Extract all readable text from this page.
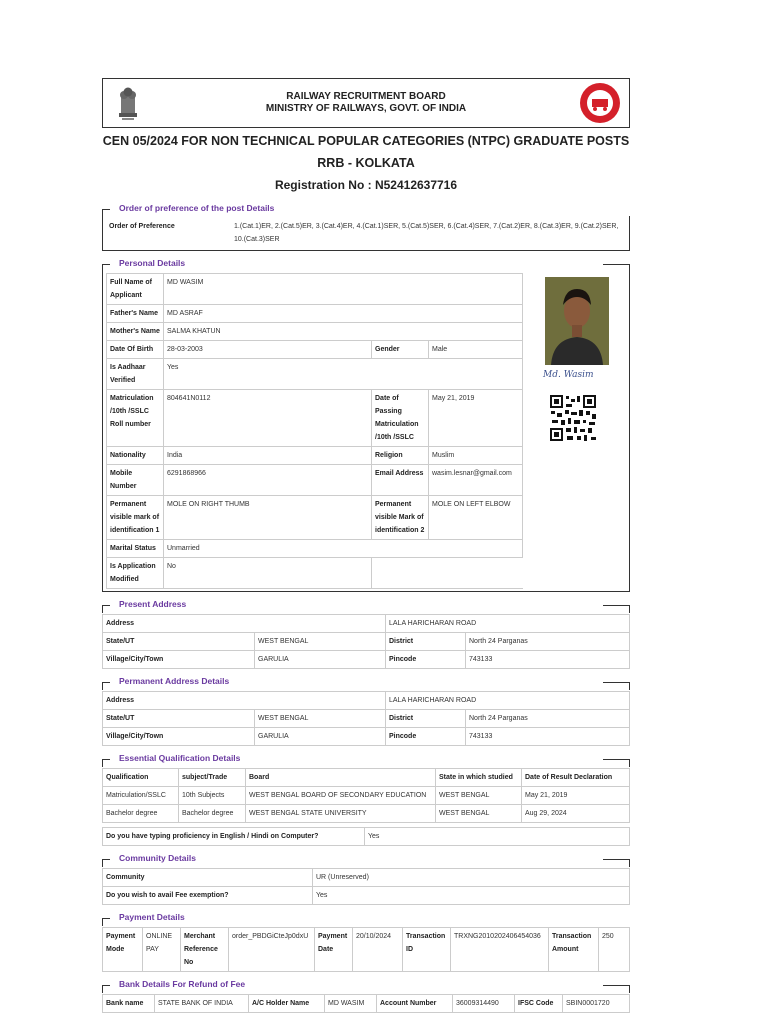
RAILWAY RECRUITMENT BOARD
MINISTRY OF RAILWAYS, GOVT. OF INDIA
CEN 05/2024 FOR NON TECHNICAL POPULAR CATEGORIES (NTPC) GRADUATE POSTS
RRB - KOLKATA
Registration No : N52412637716
Order of preference of the post Details
Order of Preference	1.(Cat.1)ER, 2.(Cat.5)ER, 3.(Cat.4)ER, 4.(Cat.1)SER, 5.(Cat.5)SER, 6.(Cat.4)SER, 7.(Cat.2)ER, 8.(Cat.3)ER, 9.(Cat.2)SER, 10.(Cat.3)SER
Personal Details
Full Name of Applicant	MD WASIM		
Father's Name	MD ASRAF		
Mother's Name	SALMA KHATUN		
Date Of Birth	28-03-2003	Gender	Male
Is Aadhaar Verified	Yes		
Matriculation /10th /SSLC Roll number	804641N0112	Date of Passing Matriculation /10th /SSLC	May 21, 2019
Nationality	India	Religion	Muslim
Mobile Number	6291868966	Email Address	wasim.lesnar@gmail.com
Permanent visible mark of identification 1	MOLE ON RIGHT THUMB	Permanent visible Mark of identification 2	MOLE ON LEFT ELBOW
Marital Status	Unmarried		
Is Application Modified	No		
Md. Wasim
Present Address
Address		LALA HARICHARAN ROAD	
State/UT	WEST BENGAL	District	North 24 Parganas
Village/City/Town	GARULIA	Pincode	743133
Permanent Address Details
Address		LALA HARICHARAN ROAD	
State/UT	WEST BENGAL	District	North 24 Parganas
Village/City/Town	GARULIA	Pincode	743133
Essential Qualification Details
Qualification	subject/Trade	Board	State in which studied	Date of Result Declaration
Matriculation/SSLC	10th Subjects	WEST BENGAL BOARD OF SECONDARY EDUCATION	WEST BENGAL	May 21, 2019
Bachelor degree	Bachelor degree	WEST BENGAL STATE UNIVERSITY	WEST BENGAL	Aug 29, 2024
Do you have typing proficiency in English / Hindi on Computer?	Yes
Community Details
Community	UR (Unreserved)
Do you wish to avail Fee exemption?	Yes
Payment Details
Payment Mode	ONLINE PAY	Merchant Reference No	order_PBDGiCteJp0dxU	Payment Date	20/10/2024	Transaction ID	TRXNG2010202406454036	Transaction Amount	250
Bank Details For Refund of Fee
Bank name	STATE BANK OF INDIA	A/C Holder Name	MD WASIM	Account Number	36009314490	IFSC Code	SBIN0001720
